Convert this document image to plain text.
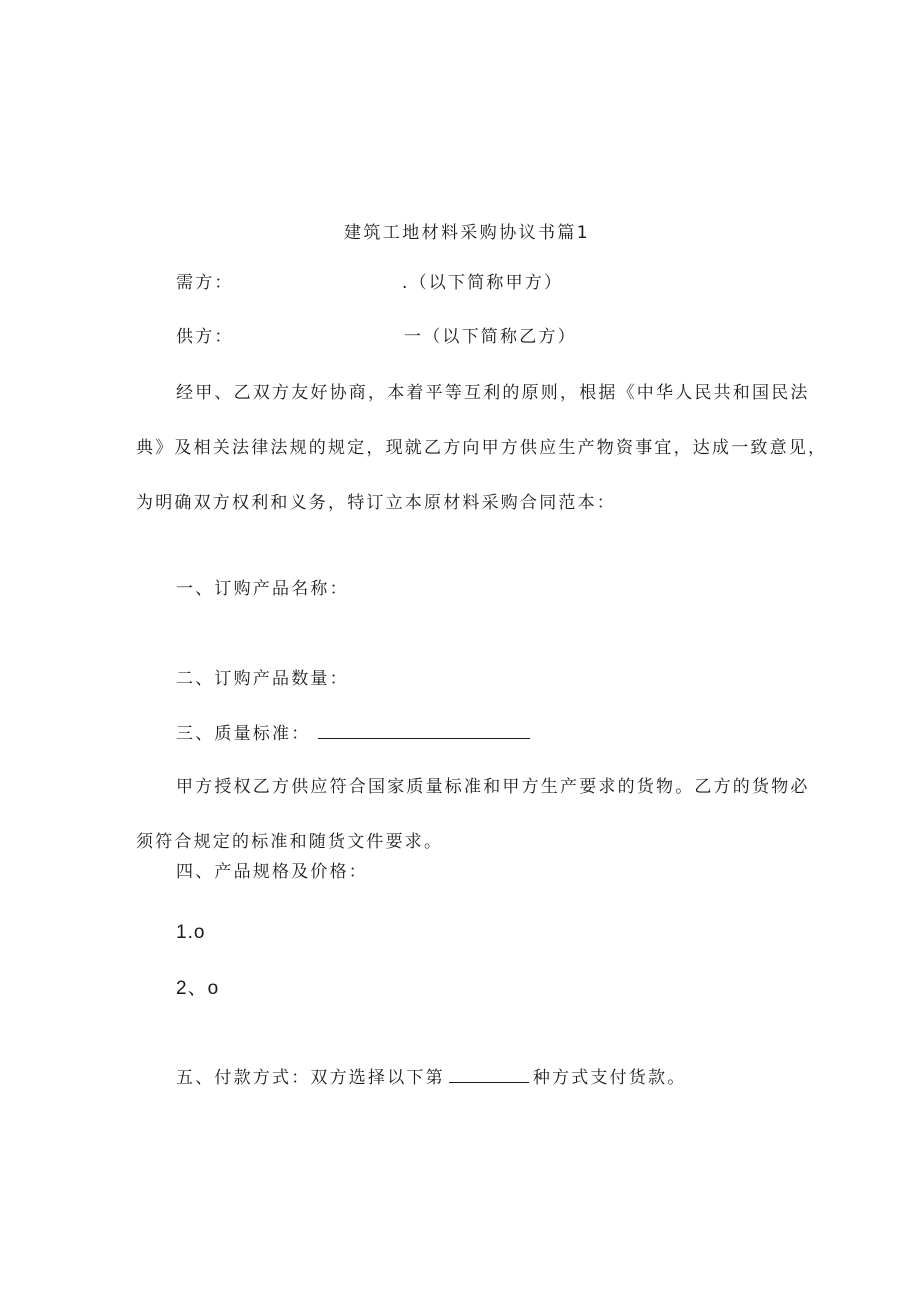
建筑工地材料采购协议书篇1
需方：	.（以下简称甲方）
供方：	一（以下简称乙方）
经甲、乙双方友好协商，本着平等互利的原则，根据《中华人民共和国民法
典》及相关法律法规的规定，现就乙方向甲方供应生产物资事宜，达成一致意见，
为明确双方权利和义务，特订立本原材料采购合同范本：
一、订购产品名称：
二、订购产品数量：
三、质量标准：
甲方授权乙方供应符合国家质量标准和甲方生产要求的货物。乙方的货物必
须符合规定的标准和随货文件要求。
四、产品规格及价格：
1.o
2、o
五、付款方式：双方选择以下第	种方式支付货款。
